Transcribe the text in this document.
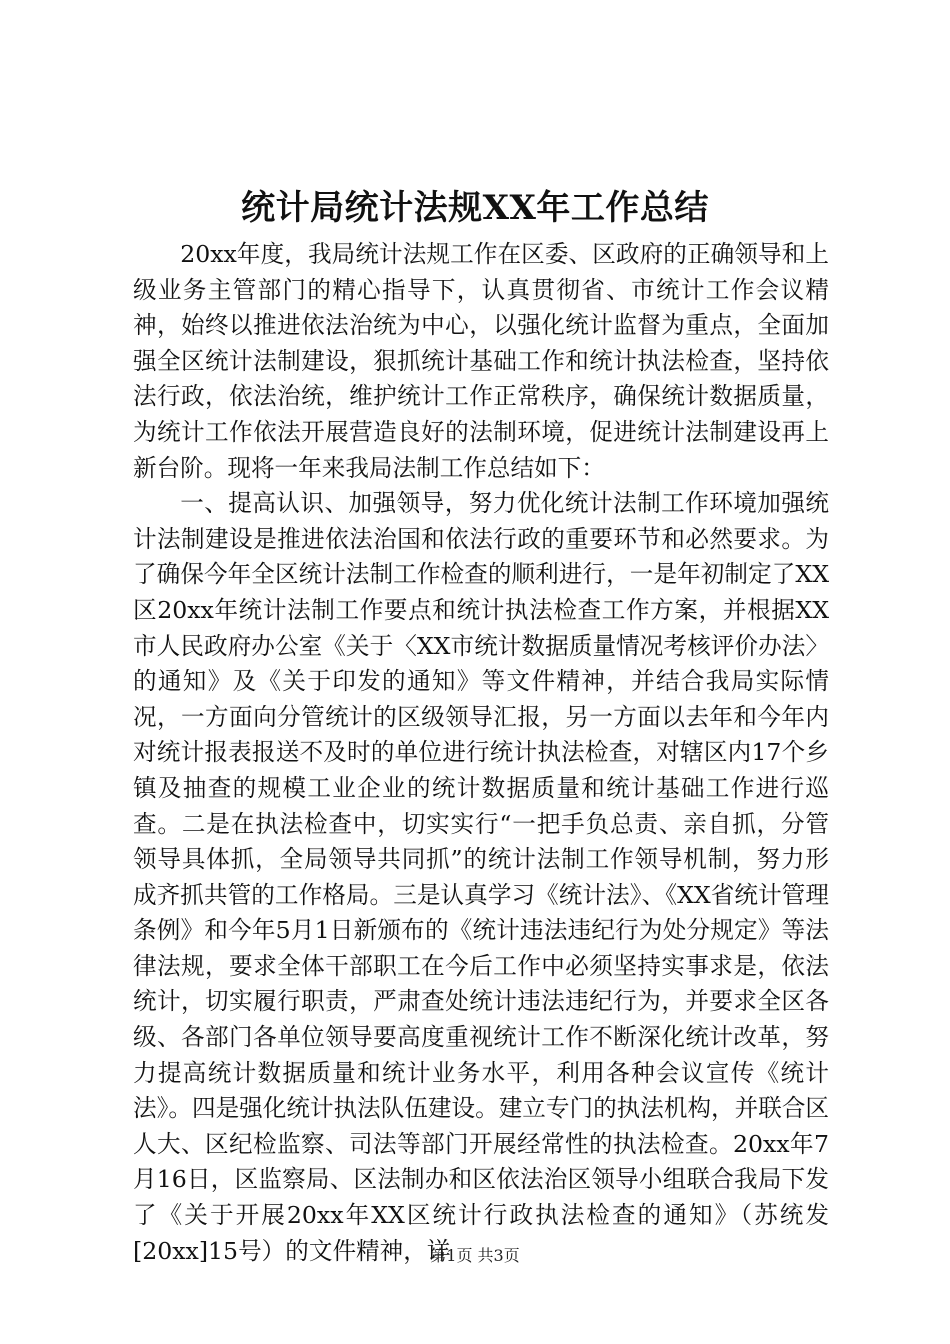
统计局统计法规XX年工作总结

20xx年度，我局统计法规工作在区委、区政府的正确领导和上级业务主管部门的精心指导下，认真贯彻省、市统计工作会议精神，始终以推进依法治统为中心，以强化统计监督为重点，全面加强全区统计法制建设，狠抓统计基础工作和统计执法检查，坚持依法行政，依法治统，维护统计工作正常秩序，确保统计数据质量，为统计工作依法开展营造良好的法制环境，促进统计法制建设再上新台阶。现将一年来我局法制工作总结如下：

一、提高认识、加强领导，努力优化统计法制工作环境加强统计法制建设是推进依法治国和依法行政的重要环节和必然要求。为了确保今年全区统计法制工作检查的顺利进行，一是年初制定了XX区20xx年统计法制工作要点和统计执法检查工作方案，并根据XX市人民政府办公室《关于〈XX市统计数据质量情况考核评价办法〉的通知》及《关于印发的通知》等文件精神，并结合我局实际情况，一方面向分管统计的区级领导汇报，另一方面以去年和今年内对统计报表报送不及时的单位进行统计执法检查，对辖区内17个乡镇及抽查的规模工业企业的统计数据质量和统计基础工作进行巡查。二是在执法检查中，切实实行“一把手负总责、亲自抓，分管领导具体抓，全局领导共同抓”的统计法制工作领导机制，努力形成齐抓共管的工作格局。三是认真学习《统计法》、《XX省统计管理条例》和今年5月1日新颁布的《统计违法违纪行为处分规定》等法律法规，要求全体干部职工在今后工作中必须坚持实事求是，依法统计，切实履行职责，严肃查处统计违法违纪行为，并要求全区各级、各部门各单位领导要高度重视统计工作不断深化统计改革，努力提高统计数据质量和统计业务水平，利用各种会议宣传《统计法》。四是强化统计执法队伍建设。建立专门的执法机构，并联合区人大、区纪检监察、司法等部门开展经常性的执法检查。20xx年7月16日，区监察局、区法制办和区依法治区领导小组联合我局下发了《关于开展20xx年XX区统计行政执法检查的通知》（苏统发[20xx]15号）的文件精神，详

第1页 共3页
